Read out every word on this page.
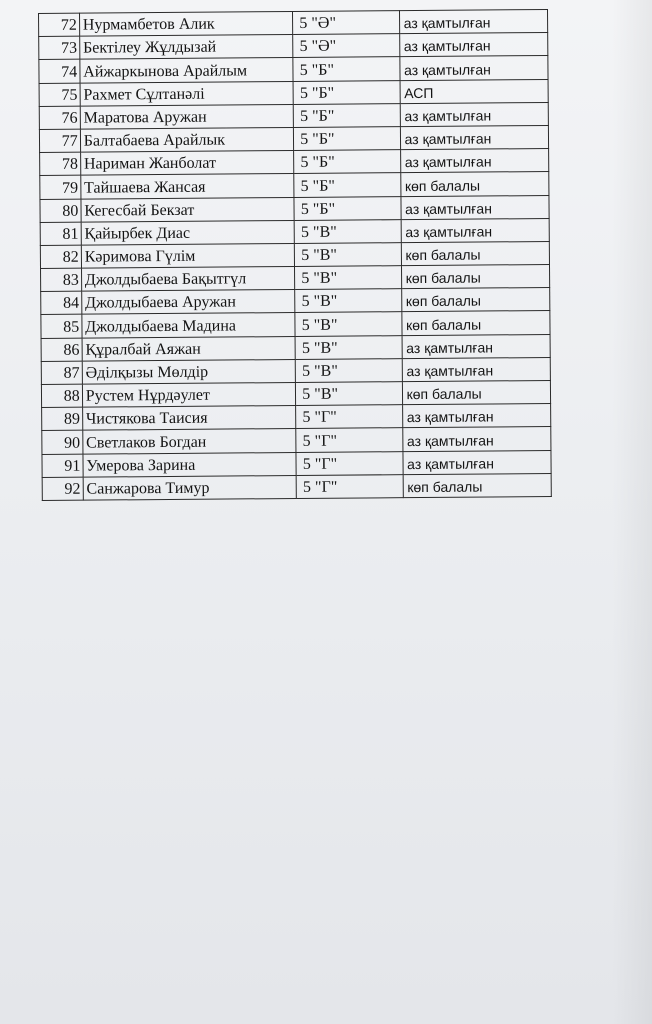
72	Нурмамбетов Алик	5 "Ә"	аз қамтылған
73	Бектілеу Жұлдызай	5 "Ә"	аз қамтылған
74	Айжаркынова Арайлым	5 "Б"	аз қамтылған
75	Рахмет Сұлтанәлі	5 "Б"	АСП
76	Маратова Аружан	5 "Б"	аз қамтылған
77	Балтабаева Арайлык	5 "Б"	аз қамтылған
78	Нариман Жанболат	5 "Б"	аз қамтылған
79	Тайшаева Жансая	5 "Б"	көп балалы
80	Кегесбай Бекзат	5 "Б"	аз қамтылған
81	Қайырбек Диас	5 "В"	аз қамтылған
82	Кәримова Гүлім	5 "В"	көп балалы
83	Джолдыбаева Бақытгүл	5 "В"	көп балалы
84	Джолдыбаева Аружан	5 "В"	көп балалы
85	Джолдыбаева Мадина	5 "В"	көп балалы
86	Құралбай Аяжан	5 "В"	аз қамтылған
87	Әділқызы Мөлдір	5 "В"	аз қамтылған
88	Рустем Нұрдәулет	5 "В"	көп балалы
89	Чистякова Таисия	5 "Г"	аз қамтылған
90	Светлаков Богдан	5 "Г"	аз қамтылған
91	Умерова Зарина	5 "Г"	аз қамтылған
92	Санжарова Тимур	5 "Г"	көп балалы
